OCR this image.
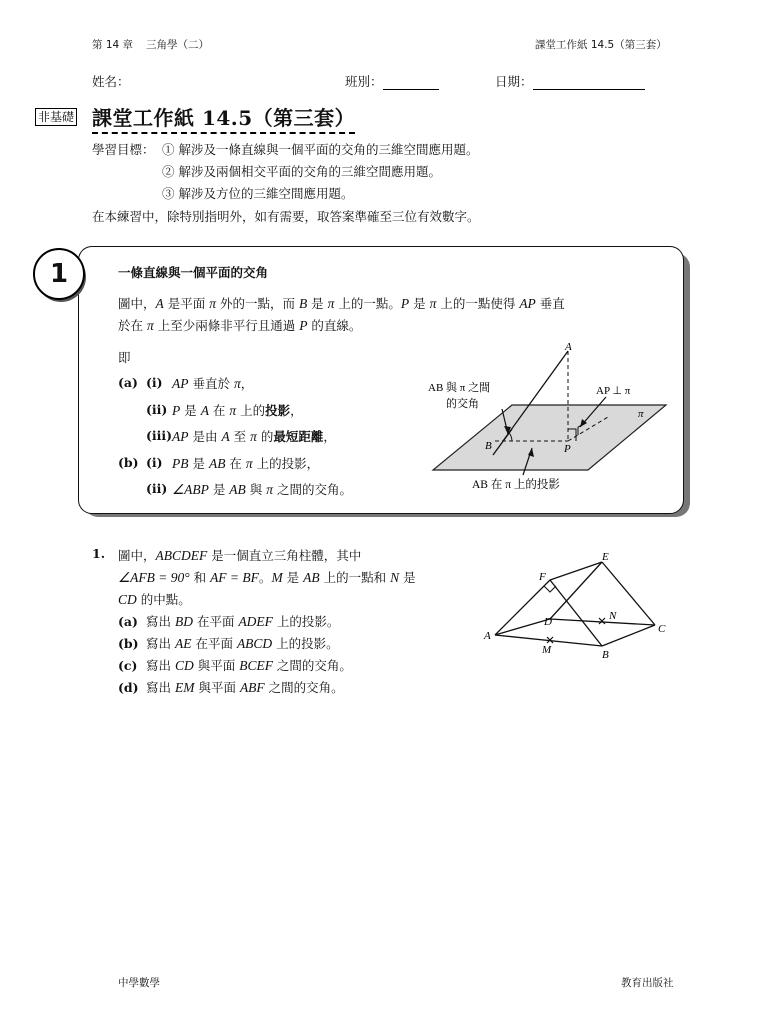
第 14 章 三角學（二）	課堂工作紙 14.5（第三套）
姓名：	班別：	日期：
非基礎 課堂工作紙 14.5（第三套）
學習目標： ① 解涉及一條直線與一個平面的交角的三維空間應用題。
② 解涉及兩個相交平面的交角的三維空間應用題。
③ 解涉及方位的三維空間應用題。
在本練習中，除特別指明外，如有需要，取答案準確至三位有效數字。
1	一條直線與一個平面的交角
圖中，A 是平面 π 外的一點，而 B 是 π 上的一點。P 是 π 上的一點使得 AP 垂直
於在 π 上至少兩條非平行且通過 P 的直線。
即
(a) (i) AP 垂直於 π，
(ii) P 是 A 在 π 上的投影，
(iii) AP 是由 A 至 π 的最短距離，
(b) (i) PB 是 AB 在 π 上的投影，
(ii) ∠ABP 是 AB 與 π 之間的交角。
A
B	P
π
AB 與 π 之間
的交角
AP ⊥ π
AB 在 π 上的投影
1. 圖中，ABCDEF 是一個直立三角柱體，其中
∠AFB = 90° 和 AF = BF。M 是 AB 上的一點和 N 是
CD 的中點。
(a) 寫出 BD 在平面 ADEF 上的投影。
(b) 寫出 AE 在平面 ABCD 上的投影。
(c) 寫出 CD 與平面 BCEF 之間的交角。
(d) 寫出 EM 與平面 ABF 之間的交角。
A
B
C
D
E
F
M
N
中學數學	教育出版社
